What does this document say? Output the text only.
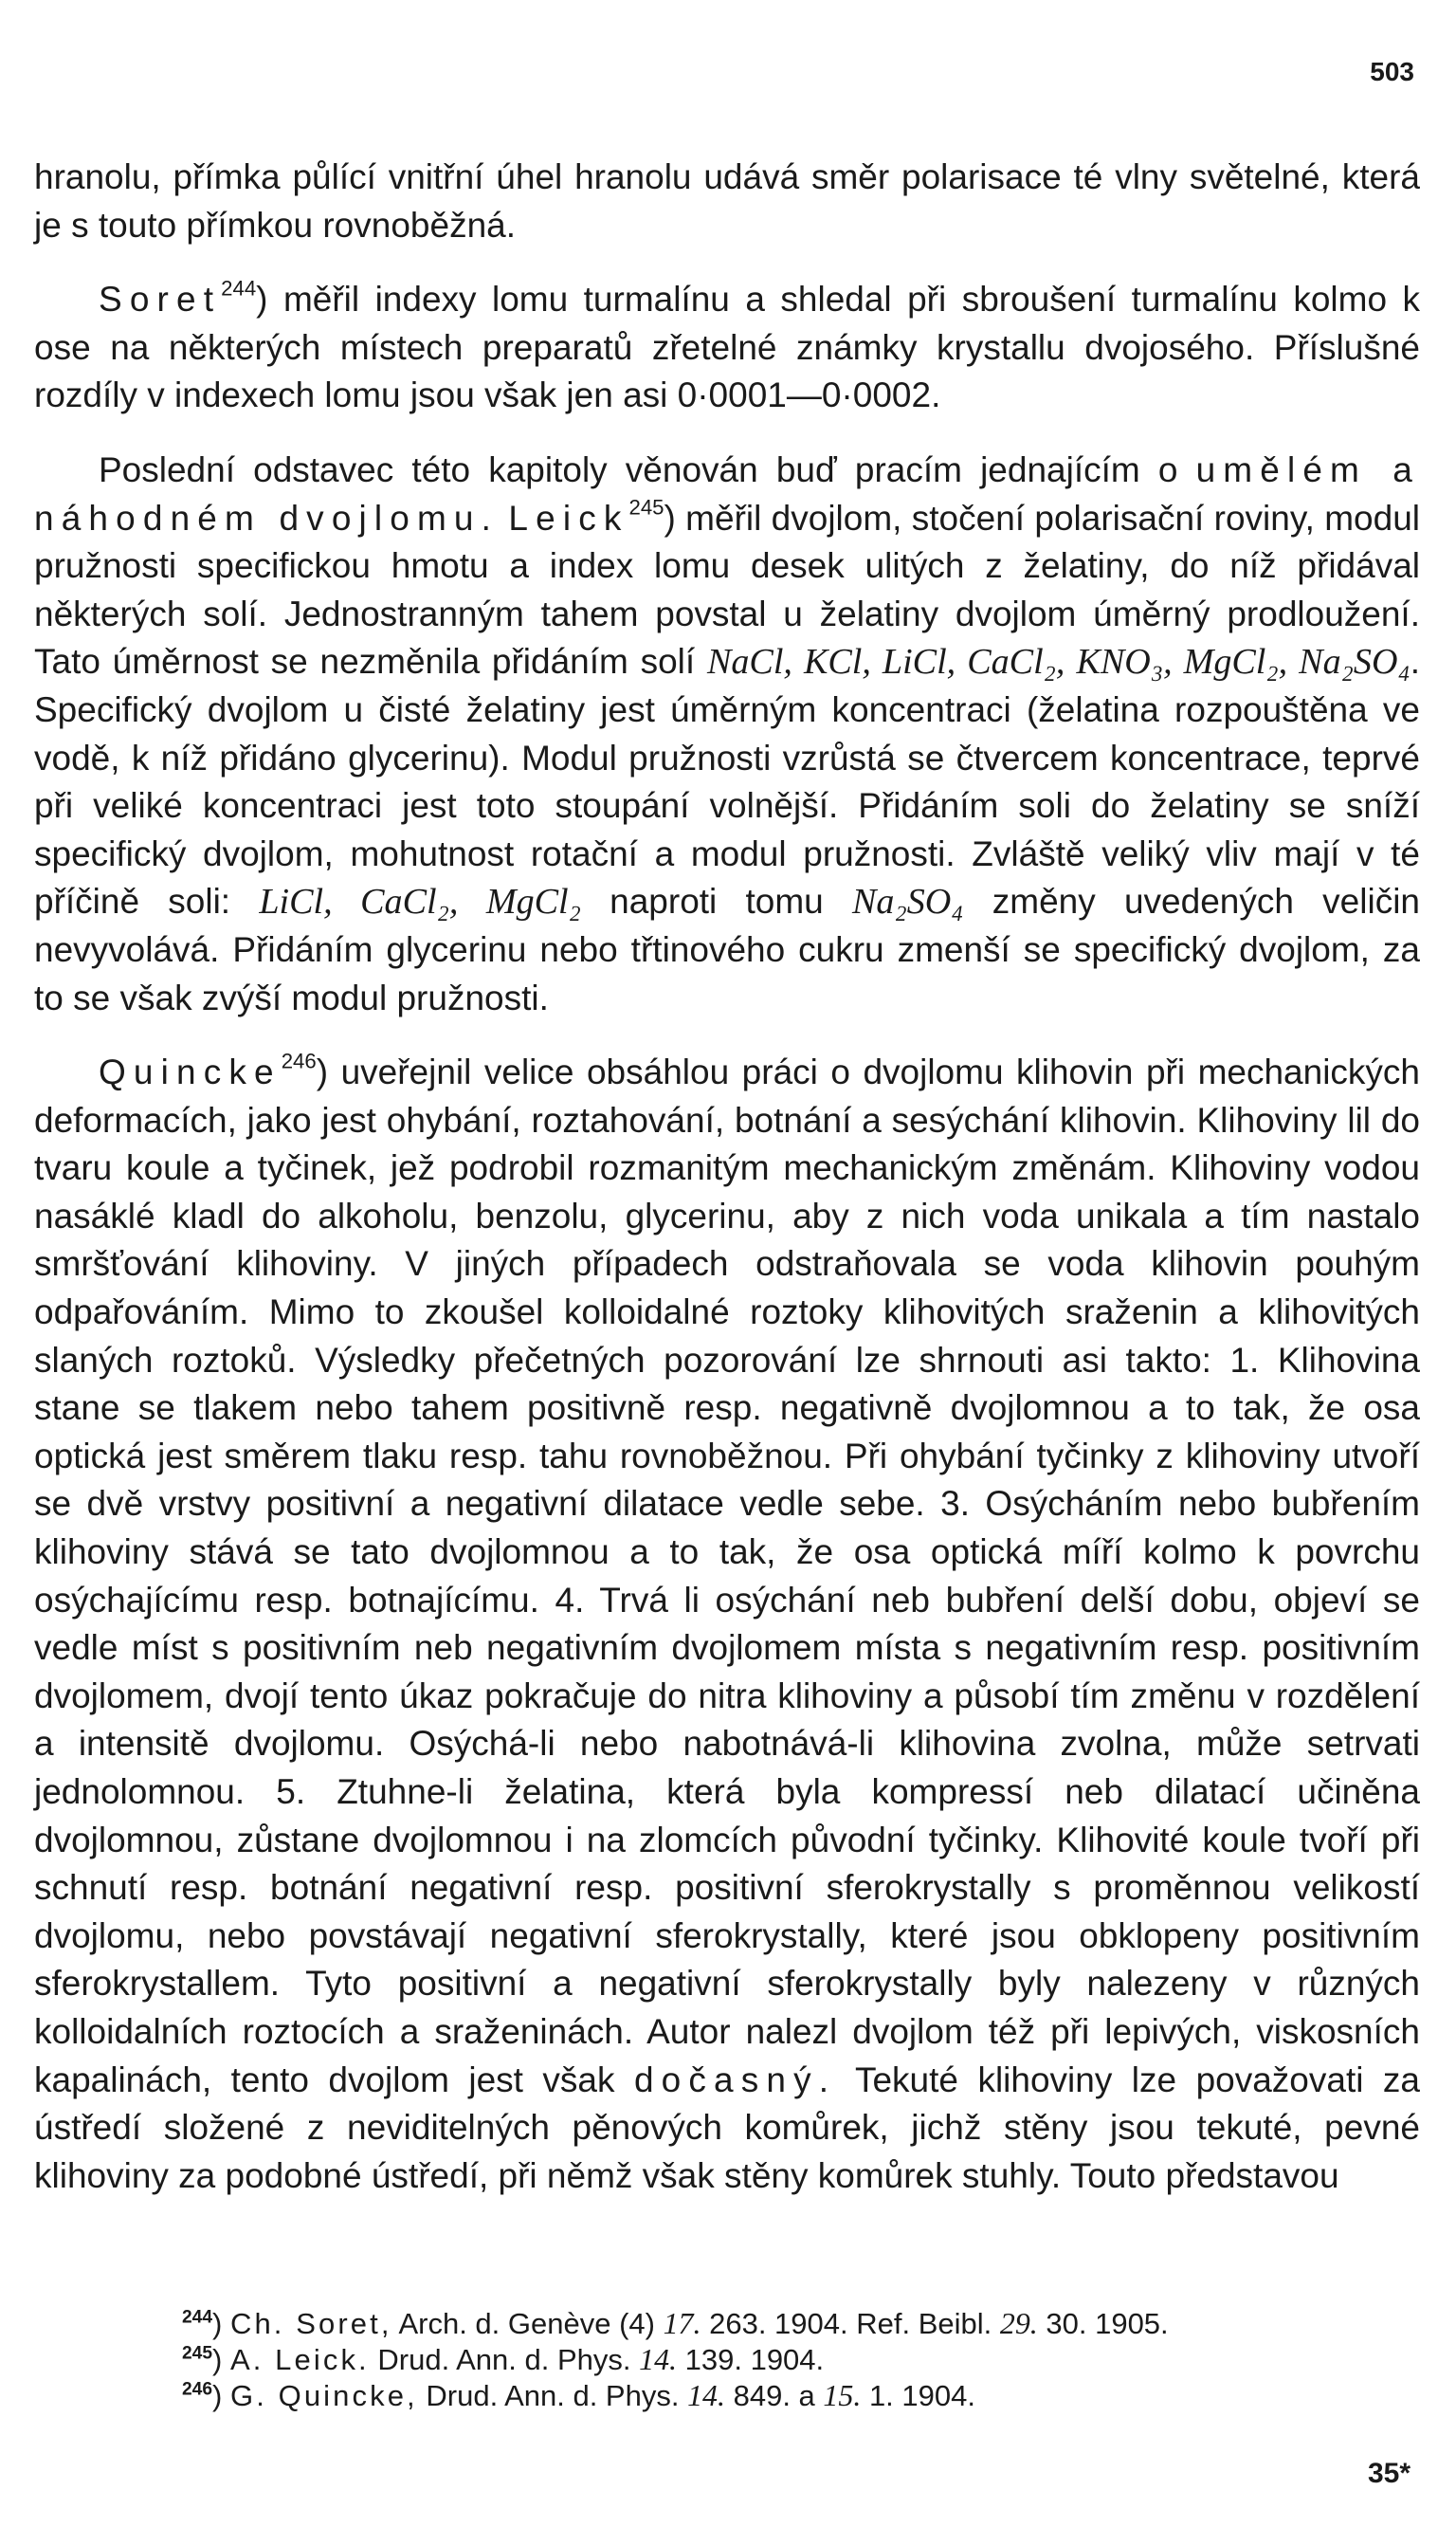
503

hranolu, přímka půlící vnitřní úhel hranolu udává směr polarisace té vlny světelné, která je s touto přímkou rovnoběžná.

Soret$^{244}$) měřil indexy lomu turmalínu a shledal při sbroušení turmalínu kolmo k ose na některých místech preparatů zřetelné známky krystallu dvojosého. Příslušné rozdíly v indexech lomu jsou však jen asi 0·0001—0·0002.

Poslední odstavec této kapitoly věnován buď pracím jednajícím o umělém a náhodném dvojlomu. Leick$^{245}$) měřil dvojlom, stočení polarisační roviny, modul pružnosti specifickou hmotu a index lomu desek ulitých z želatiny, do níž přidával některých solí. Jednostranným tahem povstal u želatiny dvojlom úměrný prodloužení. Tato úměrnost se nezměnila přidáním solí NaCl, KCl, LiCl, CaCl₂, KNO₃, MgCl₂, Na₂SO₄. Specifický dvojlom u čisté želatiny jest úměrným koncentraci (želatina rozpouštěna ve vodě, k níž přidáno glycerinu). Modul pružnosti vzrůstá se čtvercem koncentrace, teprvé při veliké koncentraci jest toto stoupání volnější. Přidáním soli do želatiny se sníží specifický dvojlom, mohutnost rotační a modul pružnosti. Zvláště veliký vliv mají v té příčině soli: LiCl, CaCl₂, MgCl₂ naproti tomu Na₂SO₄ změny uvedených veličin nevyvolává. Přidáním glycerinu nebo třtinového cukru zmenší se specifický dvojlom, za to se však zvýší modul pružnosti.

Quincke$^{246}$) uveřejnil velice obsáhlou práci o dvojlomu klihovin při mechanických deformacích, jako jest ohybání, roztahování, botnání a sesýchání klihovin. Klihoviny lil do tvaru koule a tyčinek, jež podrobil rozmanitým mechanickým změnám. Klihoviny vodou nasáklé kladl do alkoholu, benzolu, glycerinu, aby z nich voda unikala a tím nastalo smršťování klihoviny. V jiných případech odstraňovala se voda klihovin pouhým odpařováním. Mimo to zkoušel kolloidalné roztoky klihovitých sraženin a klihovitých slaných roztoků. Výsledky přečetných pozorování lze shrnouti asi takto: 1. Klihovina stane se tlakem nebo tahem positivně resp. negativně dvojlomnou a to tak, že osa optická jest směrem tlaku resp. tahu rovnoběžnou. Při ohybání tyčinky z klihoviny utvoří se dvě vrstvy positivní a negativní dilatace vedle sebe. 3. Osýcháním nebo bubřením klihoviny stává se tato dvojlomnou a to tak, že osa optická míří kolmo k povrchu osýchajícímu resp. botnajícímu. 4. Trvá li osýchání neb bubření delší dobu, objeví se vedle míst s positivním neb negativním dvojlomem místa s negativním resp. positivním dvojlomem, dvojí tento úkaz pokračuje do nitra klihoviny a působí tím změnu v rozdělení a intensitě dvojlomu. Osýchá-li nebo nabotnává-li klihovina zvolna, může setrvati jednolomnou. 5. Ztuhne-li želatina, která byla kompressí neb dilatací učiněna dvojlomnou, zůstane dvojlomnou i na zlomcích původní tyčinky. Klihovité koule tvoří při schnutí resp. botnání negativní resp. positivní sferokrystally s proměnnou velikostí dvojlomu, nebo povstávají negativní sferokrystally, které jsou obklopeny positivním sferokrystallem. Tyto positivní a negativní sferokrystally byly nalezeny v různých kolloidalních roztocích a sraženinách. Autor nalezl dvojlom též při lepivých, viskosních kapalinách, tento dvojlom jest však dočasný. Tekuté klihoviny lze považovati za ústředí složené z neviditelných pěnových komůrek, jichž stěny jsou tekuté, pevné klihoviny za podobné ústředí, při němž však stěny komůrek stuhly. Touto představou

$^{244}$) Ch. Soret, Arch. d. Genève (4) 17. 263. 1904. Ref. Beibl. 29. 30. 1905.
$^{245}$) A. Leick. Drud. Ann. d. Phys. 14. 139. 1904.
$^{246}$) G. Quincke, Drud. Ann. d. Phys. 14. 849. a 15. 1. 1904.
35*
